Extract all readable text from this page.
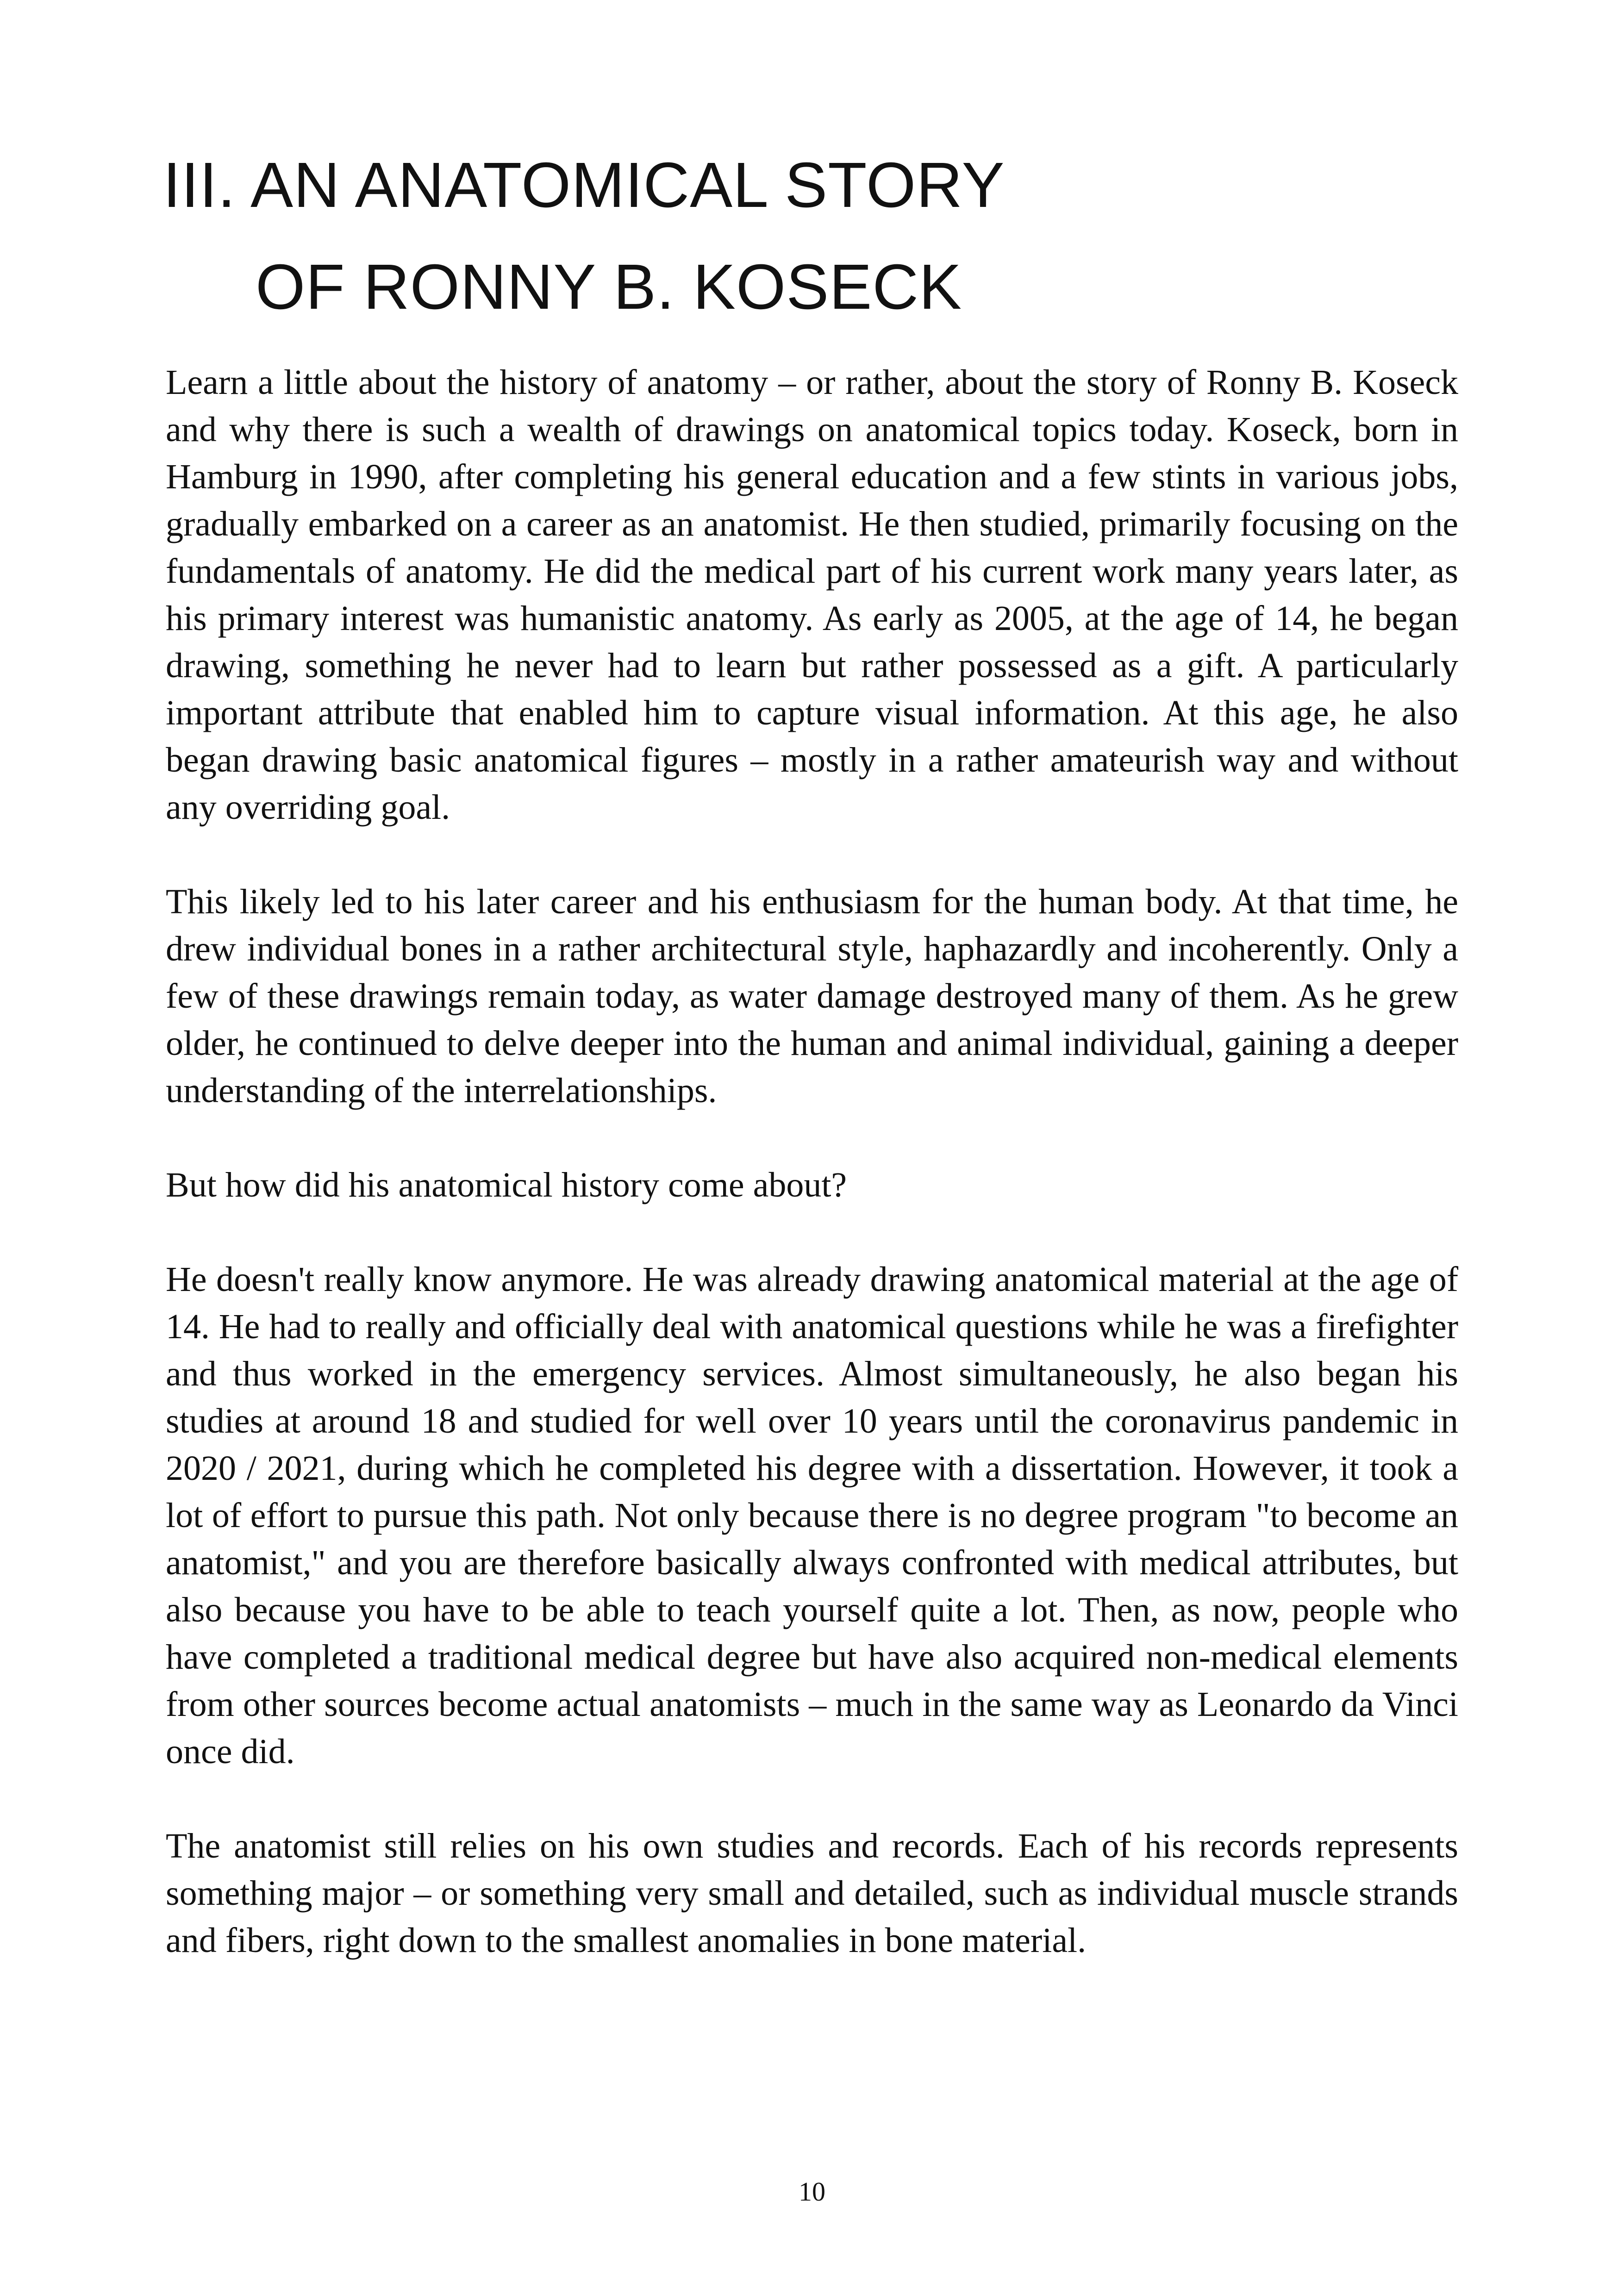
III. AN ANATOMICAL STORY
OF RONNY B. KOSECK

Learn a little about the history of anatomy – or rather, about the story of Ronny B. Koseck and why there is such a wealth of drawings on anatomical topics today. Koseck, born in Hamburg in 1990, after completing his general education and a few stints in various jobs, gradually embarked on a career as an anatomist. He then studied, primarily focusing on the fundamentals of anatomy. He did the medical part of his current work many years later, as his primary interest was humanistic anatomy. As early as 2005, at the age of 14, he began drawing, something he never had to learn but rather possessed as a gift. A particularly important attribute that enabled him to capture visual information. At this age, he also began drawing basic anatomical figures – mostly in a rather amateurish way and without any overriding goal.

This likely led to his later career and his enthusiasm for the human body. At that time, he drew individual bones in a rather architectural style, haphazardly and incoherently. Only a few of these drawings remain today, as water damage destroyed many of them. As he grew older, he continued to delve deeper into the human and animal individual, gaining a deeper understanding of the interrelationships.

But how did his anatomical history come about?

He doesn't really know anymore. He was already drawing anatomical material at the age of 14. He had to really and officially deal with anatomical questions while he was a firefighter and thus worked in the emergency services. Almost simultaneously, he also began his studies at around 18 and studied for well over 10 years until the coronavirus pandemic in 2020 / 2021, during which he completed his degree with a dissertation. However, it took a lot of effort to pursue this path. Not only because there is no degree program "to become an anatomist," and you are therefore basically always confronted with medical attributes, but also because you have to be able to teach yourself quite a lot. Then, as now, people who have completed a traditional medical degree but have also acquired non-medical elements from other sources become actual anatomists – much in the same way as Leonardo da Vinci once did.

The anatomist still relies on his own studies and records. Each of his records represents something major – or something very small and detailed, such as individual muscle strands and fibers, right down to the smallest anomalies in bone material.

10
